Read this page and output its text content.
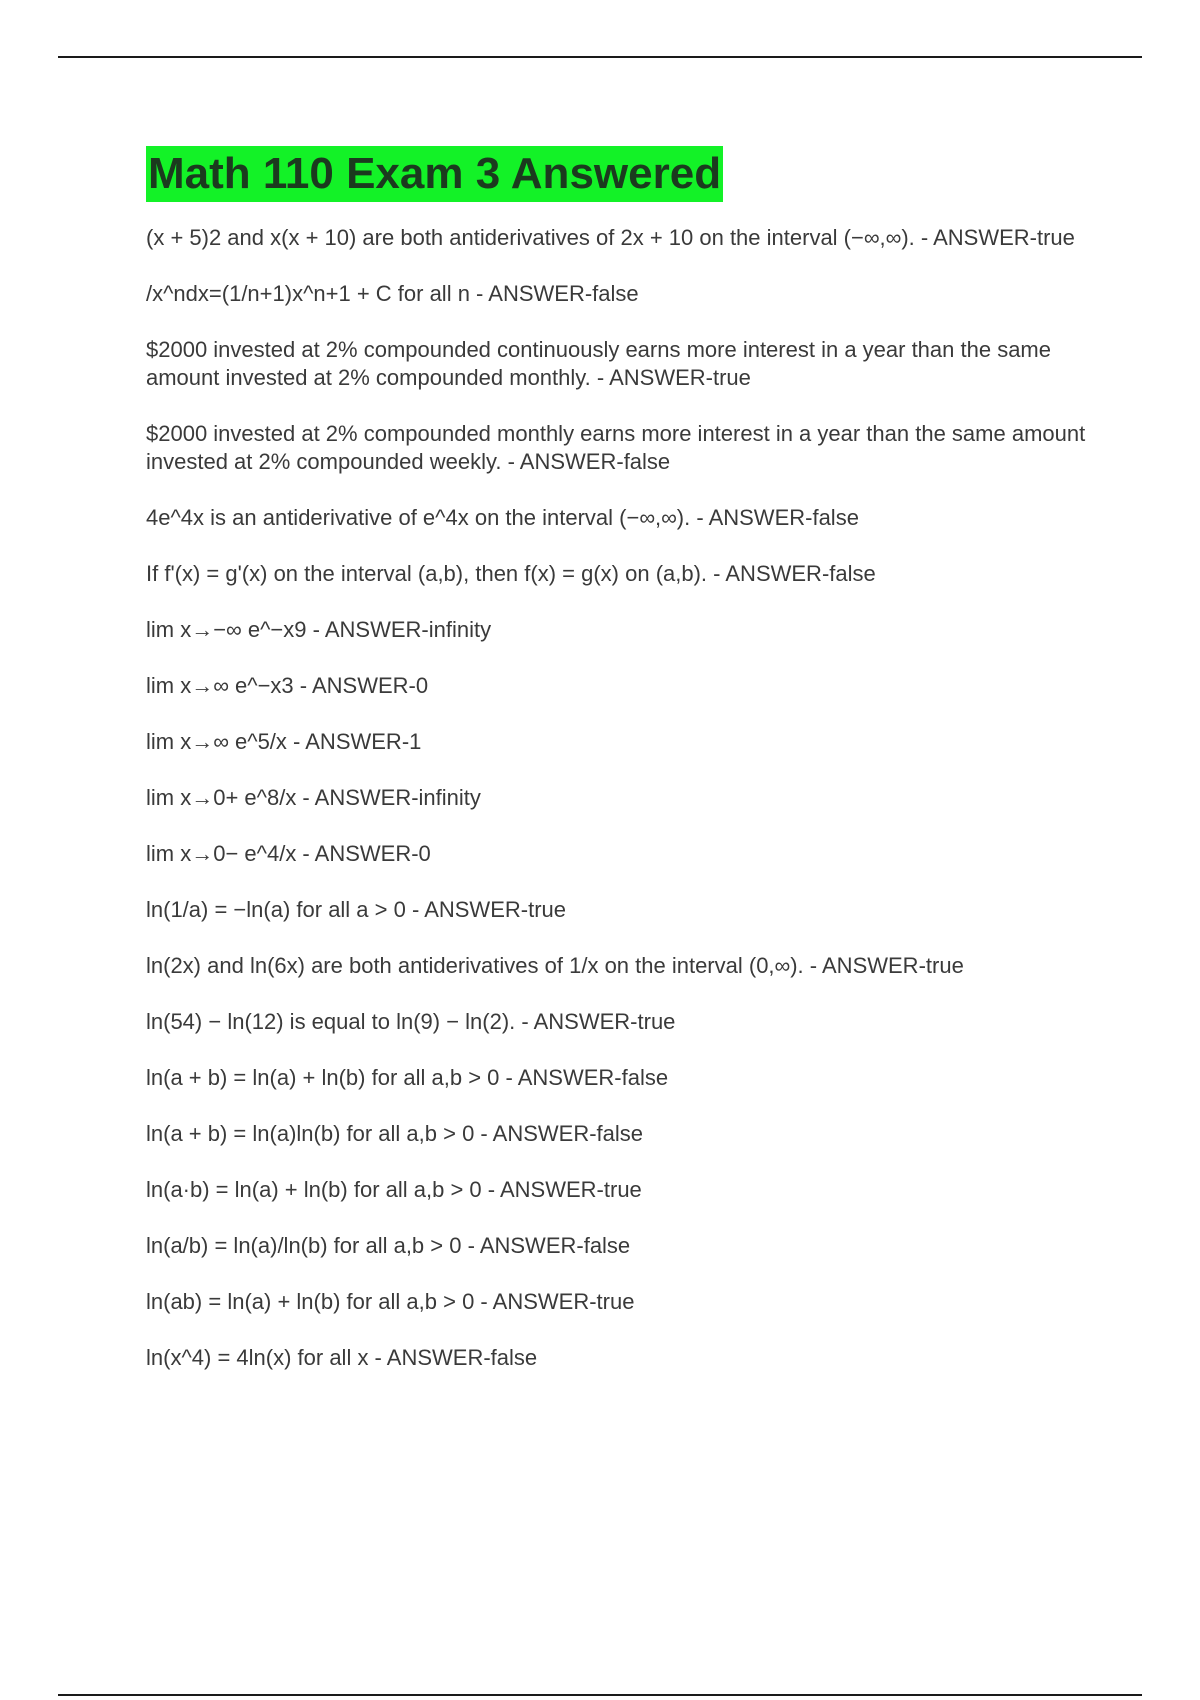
Math 110 Exam 3 Answered
(x + 5)2 and x(x + 10) are both antiderivatives of 2x + 10 on the interval (−∞,∞). - ANSWER-true
/x^ndx=(1/n+1)x^n+1 + C for all n - ANSWER-false
$2000 invested at 2% compounded continuously earns more interest in a year than the same amount invested at 2% compounded monthly. - ANSWER-true
$2000 invested at 2% compounded monthly earns more interest in a year than the same amount invested at 2% compounded weekly. - ANSWER-false
4e^4x is an antiderivative of e^4x on the interval (−∞,∞). - ANSWER-false
If f'(x) = g'(x) on the interval (a,b), then f(x) = g(x) on (a,b). - ANSWER-false
lim x→−∞ e^−x9 - ANSWER-infinity
lim x→∞ e^−x3 - ANSWER-0
lim x→∞ e^5/x - ANSWER-1
lim x→0+ e^8/x - ANSWER-infinity
lim x→0− e^4/x - ANSWER-0
ln(1/a) = −ln(a) for all a > 0 - ANSWER-true
ln(2x) and ln(6x) are both antiderivatives of 1/x on the interval (0,∞). - ANSWER-true
ln(54) − ln(12) is equal to ln(9) − ln(2). - ANSWER-true
ln(a + b) = ln(a) + ln(b) for all a,b > 0 - ANSWER-false
ln(a + b) = ln(a)ln(b) for all a,b > 0 - ANSWER-false
ln(a·b) = ln(a) + ln(b) for all a,b > 0 - ANSWER-true
ln(a/b) = ln(a)/ln(b) for all a,b > 0 - ANSWER-false
ln(ab) = ln(a) + ln(b) for all a,b > 0 - ANSWER-true
ln(x^4) = 4ln(x) for all x - ANSWER-false
